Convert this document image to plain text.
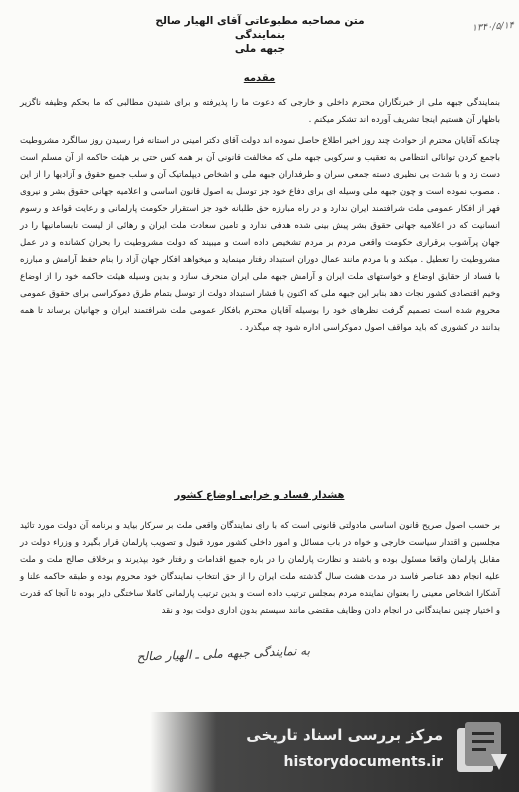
متن مصاحبه مطبوعاتی آقای الهیار صالح بنمایندگی
جبهه ملی
۱۳۴۰/۵/۱۴
مقدمه

بنمایندگی جبهه ملی از خبرنگاران محترم داخلی و خارجی که دعوت ما را پذیرفته و برای شنیدن مطالبی که ما بحکم وظیفه ناگزیر باظهار آن هستیم اینجا تشریف آورده اند تشکر میکنم .

چنانکه آقایان محترم از حوادث چند روز اخیر اطلاع حاصل نموده اند دولت آقای دکتر امینی در استانه فرا رسیدن روز سالگرد مشروطیت باجمع کردن توانائی انتظامی به تعقیب و سرکوبی جبهه ملی که مخالفت قانونی آن بر همه کس حتی بر هیئت حاکمه از آن مسلم است دست زد و با شدت بی نظیری دسته جمعی سران و طرفداران جبهه ملی و اشخاص دیپلماتیک آن و سلب جمیع حقوق و آزادیها را از این . مصوب نموده است و چون جبهه ملی وسیله ای برای دفاع خود جز توسل به اصول قانون اساسی و اعلامیه جهانی حقوق بشر و نیروی فهر از افکار عمومی ملت شرافتمند ایران ندارد و در راه مبارزه حق طلبانه خود جز استقرار حکومت پارلمانی و رعایت قواعد و رسوم انسانیت که در اعلامیه جهانی حقوق بشر پیش بینی شده هدفی ندارد و تامین سعادت ملت ایران و رهائی از لیست نابسامانیها را در جهان پرآشوب برقراری حکومت واقعی مردم بر مردم تشخیص داده است و میبیند که دولت مشروطیت را بحران کشانده و در عمل مشروطیت را تعطیل . میکند و با مردم مانند عمال دوران استبداد رفتار مینماید و میخواهد افکار جهان آزاد را بنام حفظ آرامش و مبارزه با فساد از حقایق اوضاع و خواستهای ملت ایران و آرامش جبهه ملی ایران منحرف سازد و بدین وسیله هیئت حاکمه خود را از اوضاع وخیم اقتصادی کشور نجات دهد بنابر این جبهه ملی که اکنون با فشار استبداد دولت از توسل بتمام طرق دموکراسی برای حقوق عمومی محروم شده است تصمیم گرفت نظرهای خود را بوسیله آقایان محترم بافکار عمومی ملت شرافتمند ایران و جهانیان برساند تا همه بدانند در کشوری که باید مواقف اصول دموکراسی اداره شود چه میگذرد .

هشدار فساد و خرابی اوضاع کشور

بر حسب اصول صریح قانون اساسی مادولتی قانونی است که با رای نمایندگان واقعی ملت بر سرکار بیاید و برنامه آن دولت مورد تائید مجلسین و اقتدار سیاست خارجی و خواه در باب مسائل و امور داخلی کشور مورد قبول و تصویب پارلمان قرار بگیرد و وزراء دولت در مقابل پارلمان واقعا مسئول بوده و باشند و نظارت پارلمان را در باره جمیع اقدامات و رفتار خود بپذیرند و برخلاف صالح ملت و ملت علیه انجام دهد عناصر فاسد در مدت هشت سال گذشته ملت ایران را از حق انتخاب نمایندگان خود محروم بوده و طبقه حاکمه علنا و آشکارا اشخاص معینی را بعنوان نماینده مردم بمجلس ترتیب داده است و بدین ترتیب پارلمانی کاملا ساختگی دایر بوده تا آنجا که قدرت و اختیار چنین نمایندگانی در انجام دادن وظایف مقتضی مانند سیستم بدون اداری دولت بود و نقد

به نمایندگی جبهه ملی ـ الهیار صالح
مرکز بررسی اسناد تاریخی
historydocuments.ir
